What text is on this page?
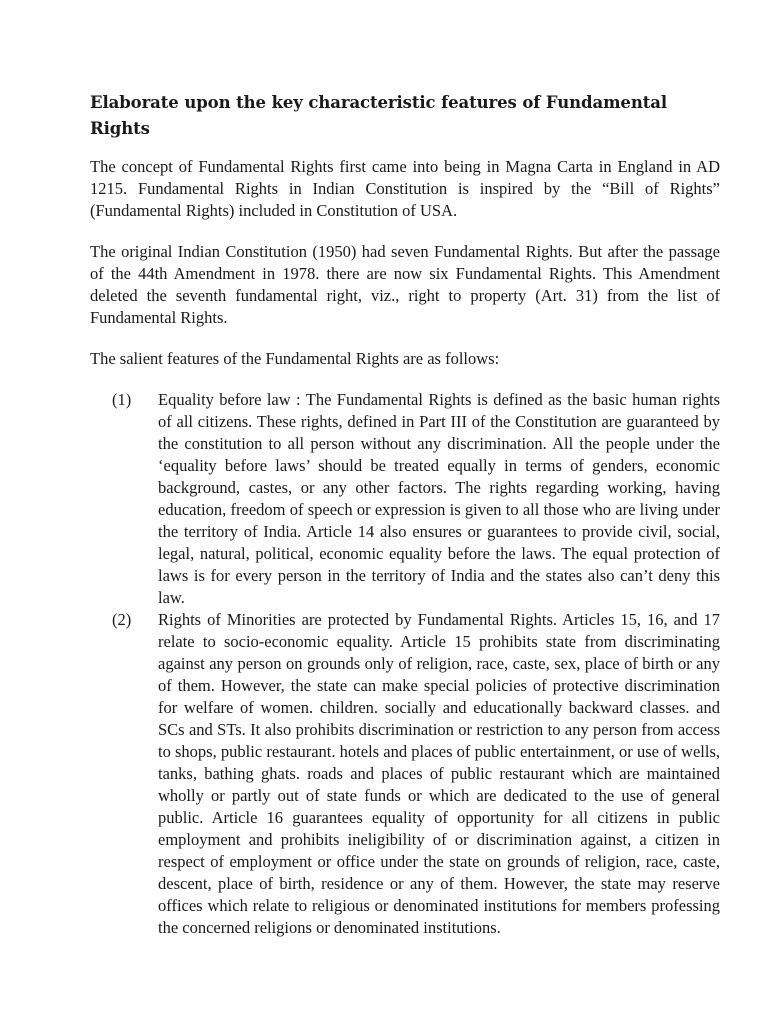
Elaborate upon the key characteristic features of Fundamental Rights

The concept of Fundamental Rights first came into being in Magna Carta in England in AD 1215. Fundamental Rights in Indian Constitution is inspired by the “Bill of Rights” (Fundamental Rights) included in Constitution of USA.

The original Indian Constitution (1950) had seven Fundamental Rights. But after the passage of the 44th Amendment in 1978. there are now six Fundamental Rights. This Amendment deleted the seventh fundamental right, viz., right to property (Art. 31) from the list of Fundamental Rights.

The salient features of the Fundamental Rights are as follows:

(1)	Equality before law : The Fundamental Rights is defined as the basic human rights of all citizens. These rights, defined in Part III of the Constitution are guaranteed by the constitution to all person without any discrimination. All the people under the ‘equality before laws’ should be treated equally in terms of genders, economic background, castes, or any other factors. The rights regarding working, having education, freedom of speech or expression is given to all those who are living under the territory of India. Article 14 also ensures or guarantees to provide civil, social, legal, natural, political, economic equality before the laws. The equal protection of laws is for every person in the territory of India and the states also can’t deny this law.
(2)	Rights of Minorities are protected by Fundamental Rights. Articles 15, 16, and 17 relate to socio-economic equality. Article 15 prohibits state from discriminating against any person on grounds only of religion, race, caste, sex, place of birth or any of them. However, the state can make special policies of protective discrimination for welfare of women. children. socially and educationally backward classes. and SCs and STs. It also prohibits discrimination or restriction to any person from access to shops, public restaurant. hotels and places of public entertainment, or use of wells, tanks, bathing ghats. roads and places of public restaurant which are maintained wholly or partly out of state funds or which are dedicated to the use of general public. Article 16 guarantees equality of opportunity for all citizens in public employment and prohibits ineligibility of or discrimination against, a citizen in respect of employment or office under the state on grounds of religion, race, caste, descent, place of birth, residence or any of them. However, the state may reserve offices which relate to religious or denominated institutions for members professing the concerned religions or denominated institutions.
